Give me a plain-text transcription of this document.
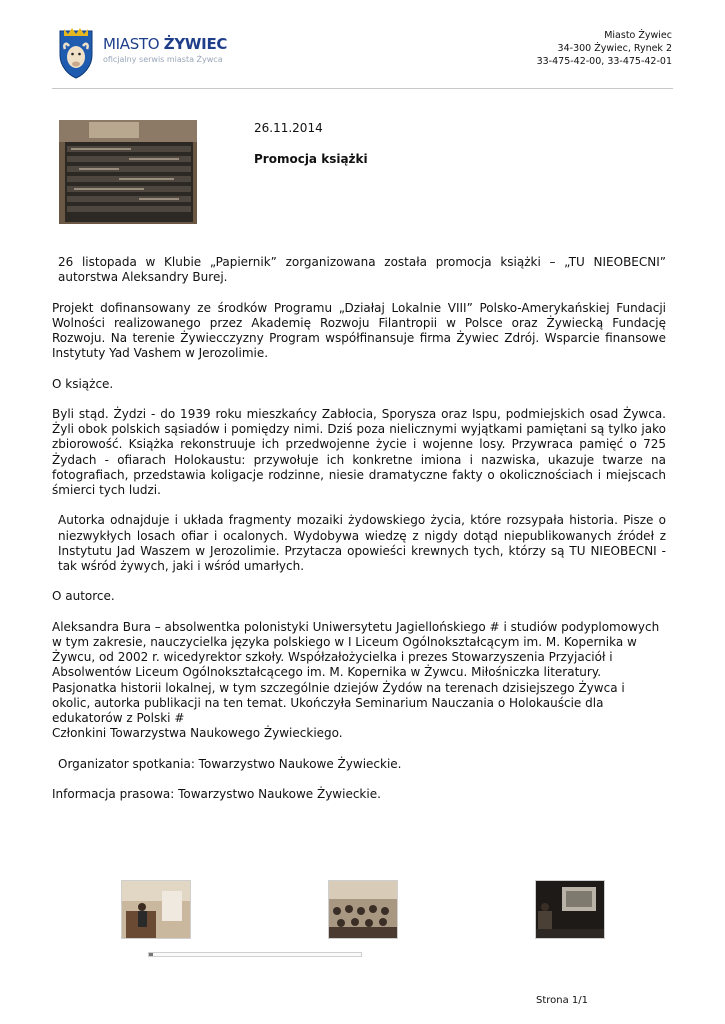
MIASTO ŻYWIEC
oficjalny serwis miasta Żywca
Miasto Żywiec
34-300 Żywiec, Rynek 2
33-475-42-00, 33-475-42-01
26.11.2014
Promocja książki

26 listopada w Klubie „Papiernik” zorganizowana została promocja książki – „TU NIEOBECNI” autorstwa Aleksandry Burej.

Projekt dofinansowany ze środków Programu „Działaj Lokalnie VIII” Polsko-Amerykańskiej Fundacji Wolności realizowanego przez Akademię Rozwoju Filantropii w Polsce oraz Żywiecką Fundację Rozwoju. Na terenie Żywiecczyzny Program współfinansuje firma Żywiec Zdrój. Wsparcie finansowe Instytuty Yad Vashem w Jerozolimie.

O książce.

Byli stąd. Żydzi - do 1939 roku mieszkańcy Zabłocia, Sporysza oraz Ispu, podmiejskich osad Żywca. Żyli obok polskich sąsiadów i pomiędzy nimi. Dziś poza nielicznymi wyjątkami pamiętani są tylko jako zbiorowość. Książka rekonstruuje ich przedwojenne życie i wojenne losy. Przywraca pamięć o 725 Żydach - ofiarach Holokaustu: przywołuje ich konkretne imiona i nazwiska, ukazuje twarze na fotografiach, przedstawia koligacje rodzinne, niesie dramatyczne fakty o okolicznościach i miejscach śmierci tych ludzi.

Autorka odnajduje i układa fragmenty mozaiki żydowskiego życia, które rozsypała historia. Pisze o niezwykłych losach ofiar i ocalonych. Wydobywa wiedzę z nigdy dotąd niepublikowanych źródeł z Instytutu Jad Waszem w Jerozolimie. Przytacza opowieści krewnych tych, którzy są TU NIEOBECNI - tak wśród żywych, jaki i wśród umarłych.

O autorce.

Aleksandra Bura – absolwentka polonistyki Uniwersytetu Jagiellońskiego # i studiów podyplomowych w tym zakresie, nauczycielka języka polskiego w I Liceum Ogólnokształcącym im. M. Kopernika w Żywcu, od 2002 r. wicedyrektor szkoły. Współzałożycielka i prezes Stowarzyszenia Przyjaciół i Absolwentów Liceum Ogólnokształcącego im. M. Kopernika w Żywcu. Miłośniczka literatury. Pasjonatka historii lokalnej, w tym szczególnie dziejów Żydów na terenach dzisiejszego Żywca i okolic, autorka publikacji na ten temat. Ukończyła Seminarium Nauczania o Holokauście dla edukatorów z Polski #
Członkini Towarzystwa Naukowego Żywieckiego.

Organizator spotkania: Towarzystwo Naukowe Żywieckie.

Informacja prasowa: Towarzystwo Naukowe Żywieckie.

Strona 1/1
